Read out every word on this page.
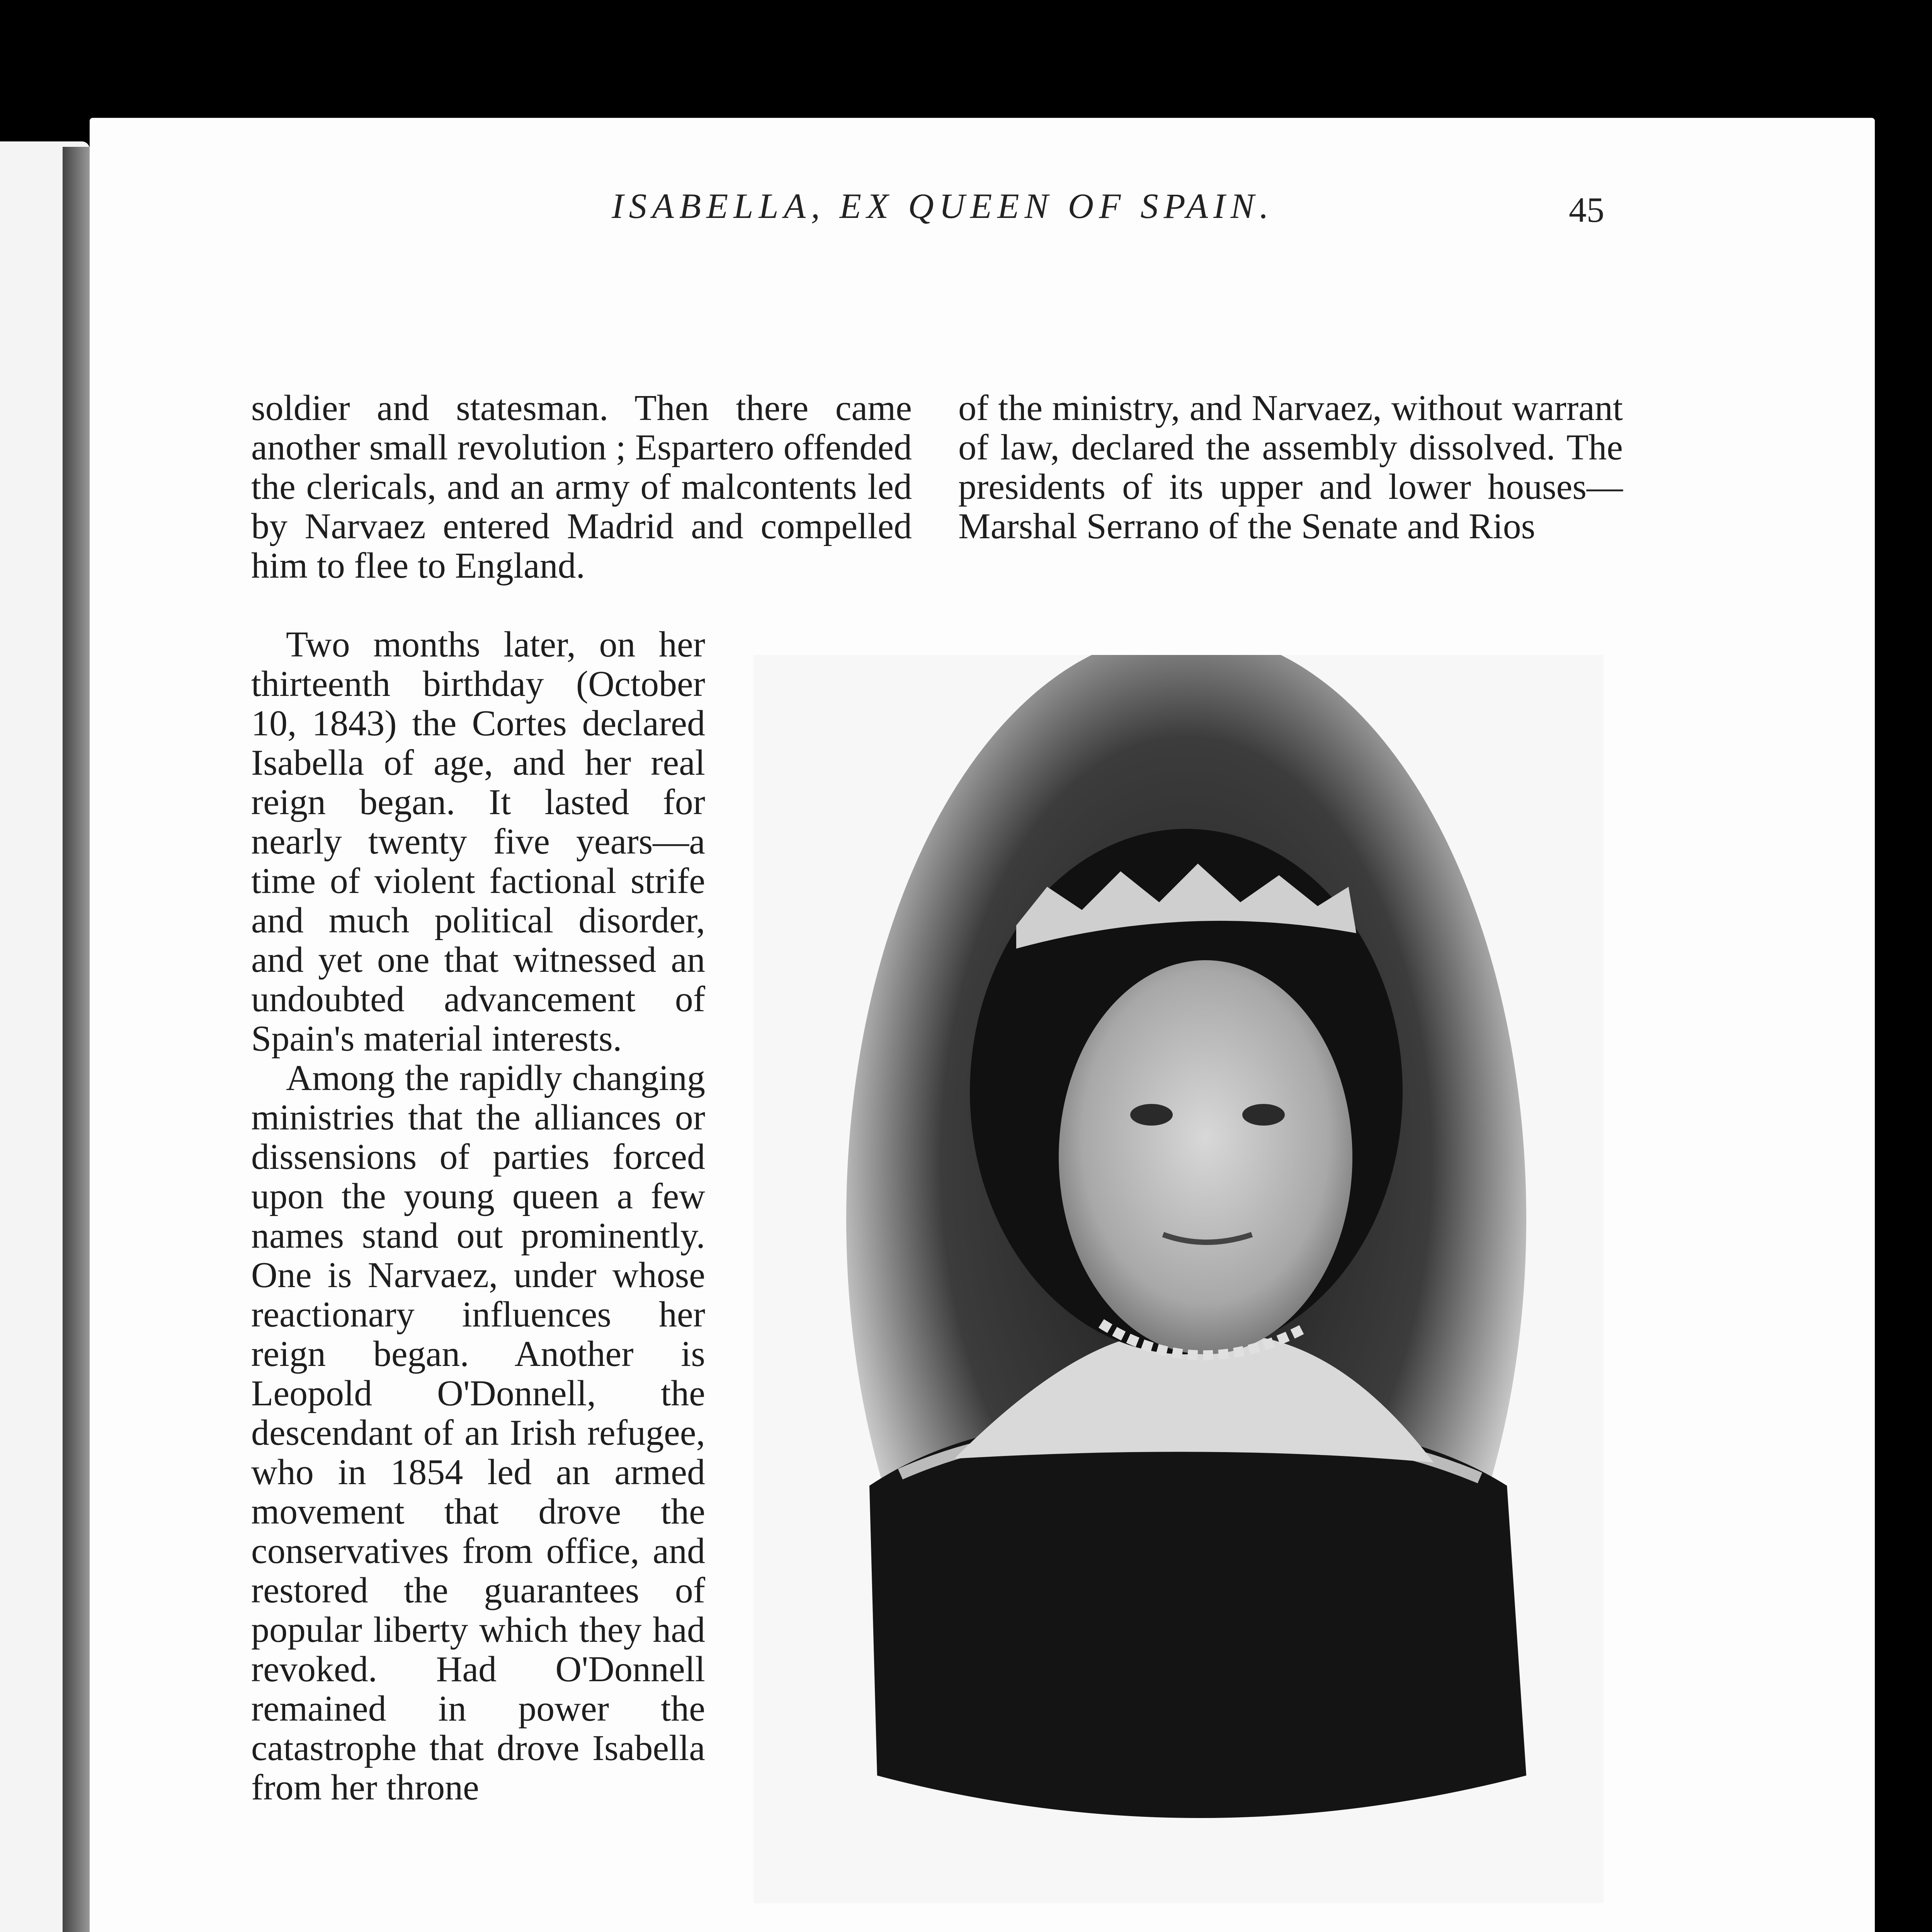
ISABELLA, EX QUEEN OF SPAIN.	45

soldier and statesman. Then there came another small revolution ; Espartero offended the clericals, and an army of malcontents led by Narvaez entered Madrid and compelled him to flee to England.

Two months later, on her thirteenth birthday (October 10, 1843) the Cortes declared Isabella of age, and her real reign began. It lasted for nearly twenty five years—a time of violent factional strife and much political disorder, and yet one that witnessed an undoubted advancement of Spain's material interests.

Among the rapidly changing ministries that the alliances or dissensions of parties forced upon the young queen a few names stand out prominently. One is Narvaez, under whose reactionary influences her reign began. Another is Leopold O'Donnell, the descendant of an Irish refugee, who in 1854 led an armed movement that drove the conservatives from office, and restored the guarantees of popular liberty which they had revoked. Had O'Donnell remained in power the catastrophe that drove Isabella from her throne

of the ministry, and Narvaez, without warrant of law, declared the assembly dissolved. The presidents of its upper and lower houses—Marshal Serrano of the Senate and Rios
